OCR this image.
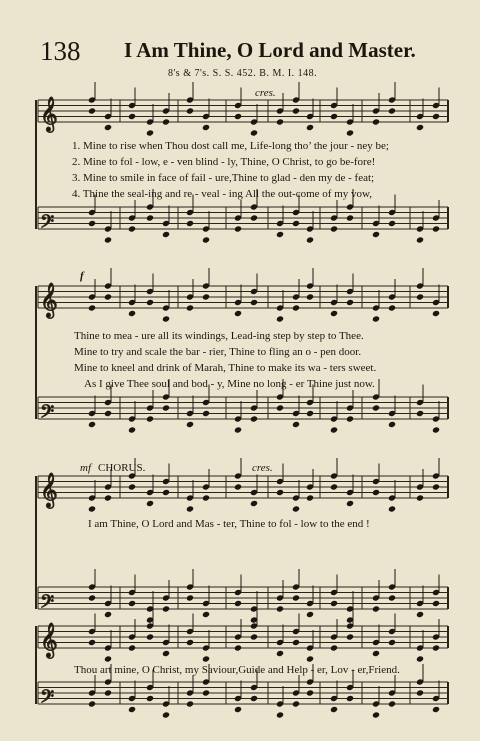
138 I Am Thine, O Lord and Master.
8's & 7's. S. S. 452. B. M. I. 148.
𝄞
𝄢
𝄞
𝄢
𝄞
𝄢
𝄞
𝄢
cres.
1. Mine to rise when Thou dost call me, Life-long tho’ the jour - ney be;
2. Mine to fol - low, e - ven blind - ly, Thine, O Christ, to go be-fore!
3. Mine to smile in face of fail - ure,Thine to glad - den my de - feat;
4. Thine the seal-ing and re - veal - ing All the out-come of my vow,
f
Thine to mea - ure all its windings, Lead-ing step by step to Thee.
Mine to try and scale the bar - rier, Thine to fling an o - pen door.
Mine to kneel and drink of Marah, Thine to make its wa - ters sweet.
As I give Thee soul and bod - y, Mine no long - er Thine just now.
mf CHORUS.	cres.
I am Thine, O Lord and Mas - ter, Thine to fol - low to the end !
Thou art mine, O Christ, my Saviour,Guide and Help - er, Lov - er,Friend.
